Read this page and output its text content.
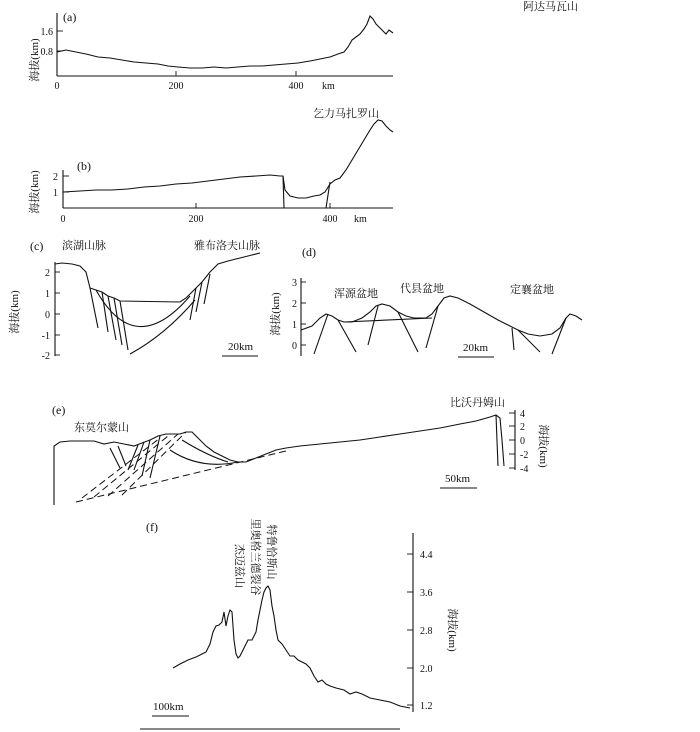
(a)
阿达马瓦山
海拔(km)
1.6
0.8
0	200	400 km
乞力马扎罗山
(b)
海拔(km) 2
1
0	200	400 km
(c) 滨湖山脉	雅布洛夫山脉
海拔(km)
2
1
0
-1
-2
20km
(d)
浑源盆地 代县盆地	定襄盆地
海拔(km)
3
2
1
0	20km
(e)
东莫尔蒙山
比沃丹姆山
海拔(km)
4
2
0
-2
-4
50km
(f)
杰迈兹山 里奥格兰德裂谷 特鲁恰斯山
海拔(km)
4.4
3.6
2.8
2.0
1.2
100km
